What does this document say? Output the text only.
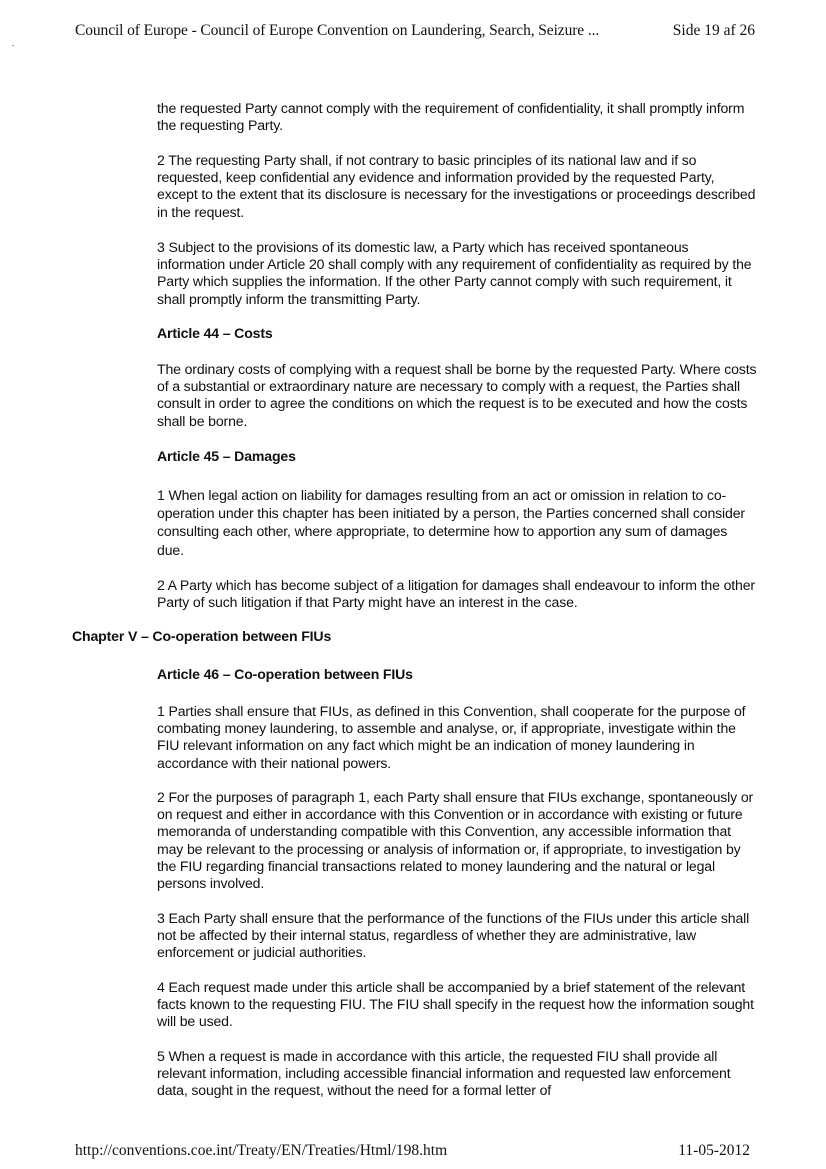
Council of Europe - Council of Europe Convention on Laundering, Search, Seizure ...	Side 19 af 26

the requested Party cannot comply with the requirement of confidentiality, it shall promptly inform the requesting Party.

2 The requesting Party shall, if not contrary to basic principles of its national law and if so requested, keep confidential any evidence and information provided by the requested Party, except to the extent that its disclosure is necessary for the investigations or proceedings described in the request.

3 Subject to the provisions of its domestic law, a Party which has received spontaneous information under Article 20 shall comply with any requirement of confidentiality as required by the Party which supplies the information. If the other Party cannot comply with such requirement, it shall promptly inform the transmitting Party.

Article 44 – Costs

The ordinary costs of complying with a request shall be borne by the requested Party. Where costs of a substantial or extraordinary nature are necessary to comply with a request, the Parties shall consult in order to agree the conditions on which the request is to be executed and how the costs shall be borne.

Article 45 – Damages

1 When legal action on liability for damages resulting from an act or omission in relation to co-operation under this chapter has been initiated by a person, the Parties concerned shall consider consulting each other, where appropriate, to determine how to apportion any sum of damages due.

2 A Party which has become subject of a litigation for damages shall endeavour to inform the other Party of such litigation if that Party might have an interest in the case.

Article 46 – Co-operation between FIUs

1 Parties shall ensure that FIUs, as defined in this Convention, shall cooperate for the purpose of combating money laundering, to assemble and analyse, or, if appropriate, investigate within the FIU relevant information on any fact which might be an indication of money laundering in accordance with their national powers.

2 For the purposes of paragraph 1, each Party shall ensure that FIUs exchange, spontaneously or on request and either in accordance with this Convention or in accordance with existing or future memoranda of understanding compatible with this Convention, any accessible information that may be relevant to the processing or analysis of information or, if appropriate, to investigation by the FIU regarding financial transactions related to money laundering and the natural or legal persons involved.

3 Each Party shall ensure that the performance of the functions of the FIUs under this article shall not be affected by their internal status, regardless of whether they are administrative, law enforcement or judicial authorities.

4 Each request made under this article shall be accompanied by a brief statement of the relevant facts known to the requesting FIU. The FIU shall specify in the request how the information sought will be used.

5 When a request is made in accordance with this article, the requested FIU shall provide all relevant information, including accessible financial information and requested law enforcement data, sought in the request, without the need for a formal letter of

Chapter V – Co-operation between FIUs

http://conventions.coe.int/Treaty/EN/Treaties/Html/198.htm	11-05-2012
